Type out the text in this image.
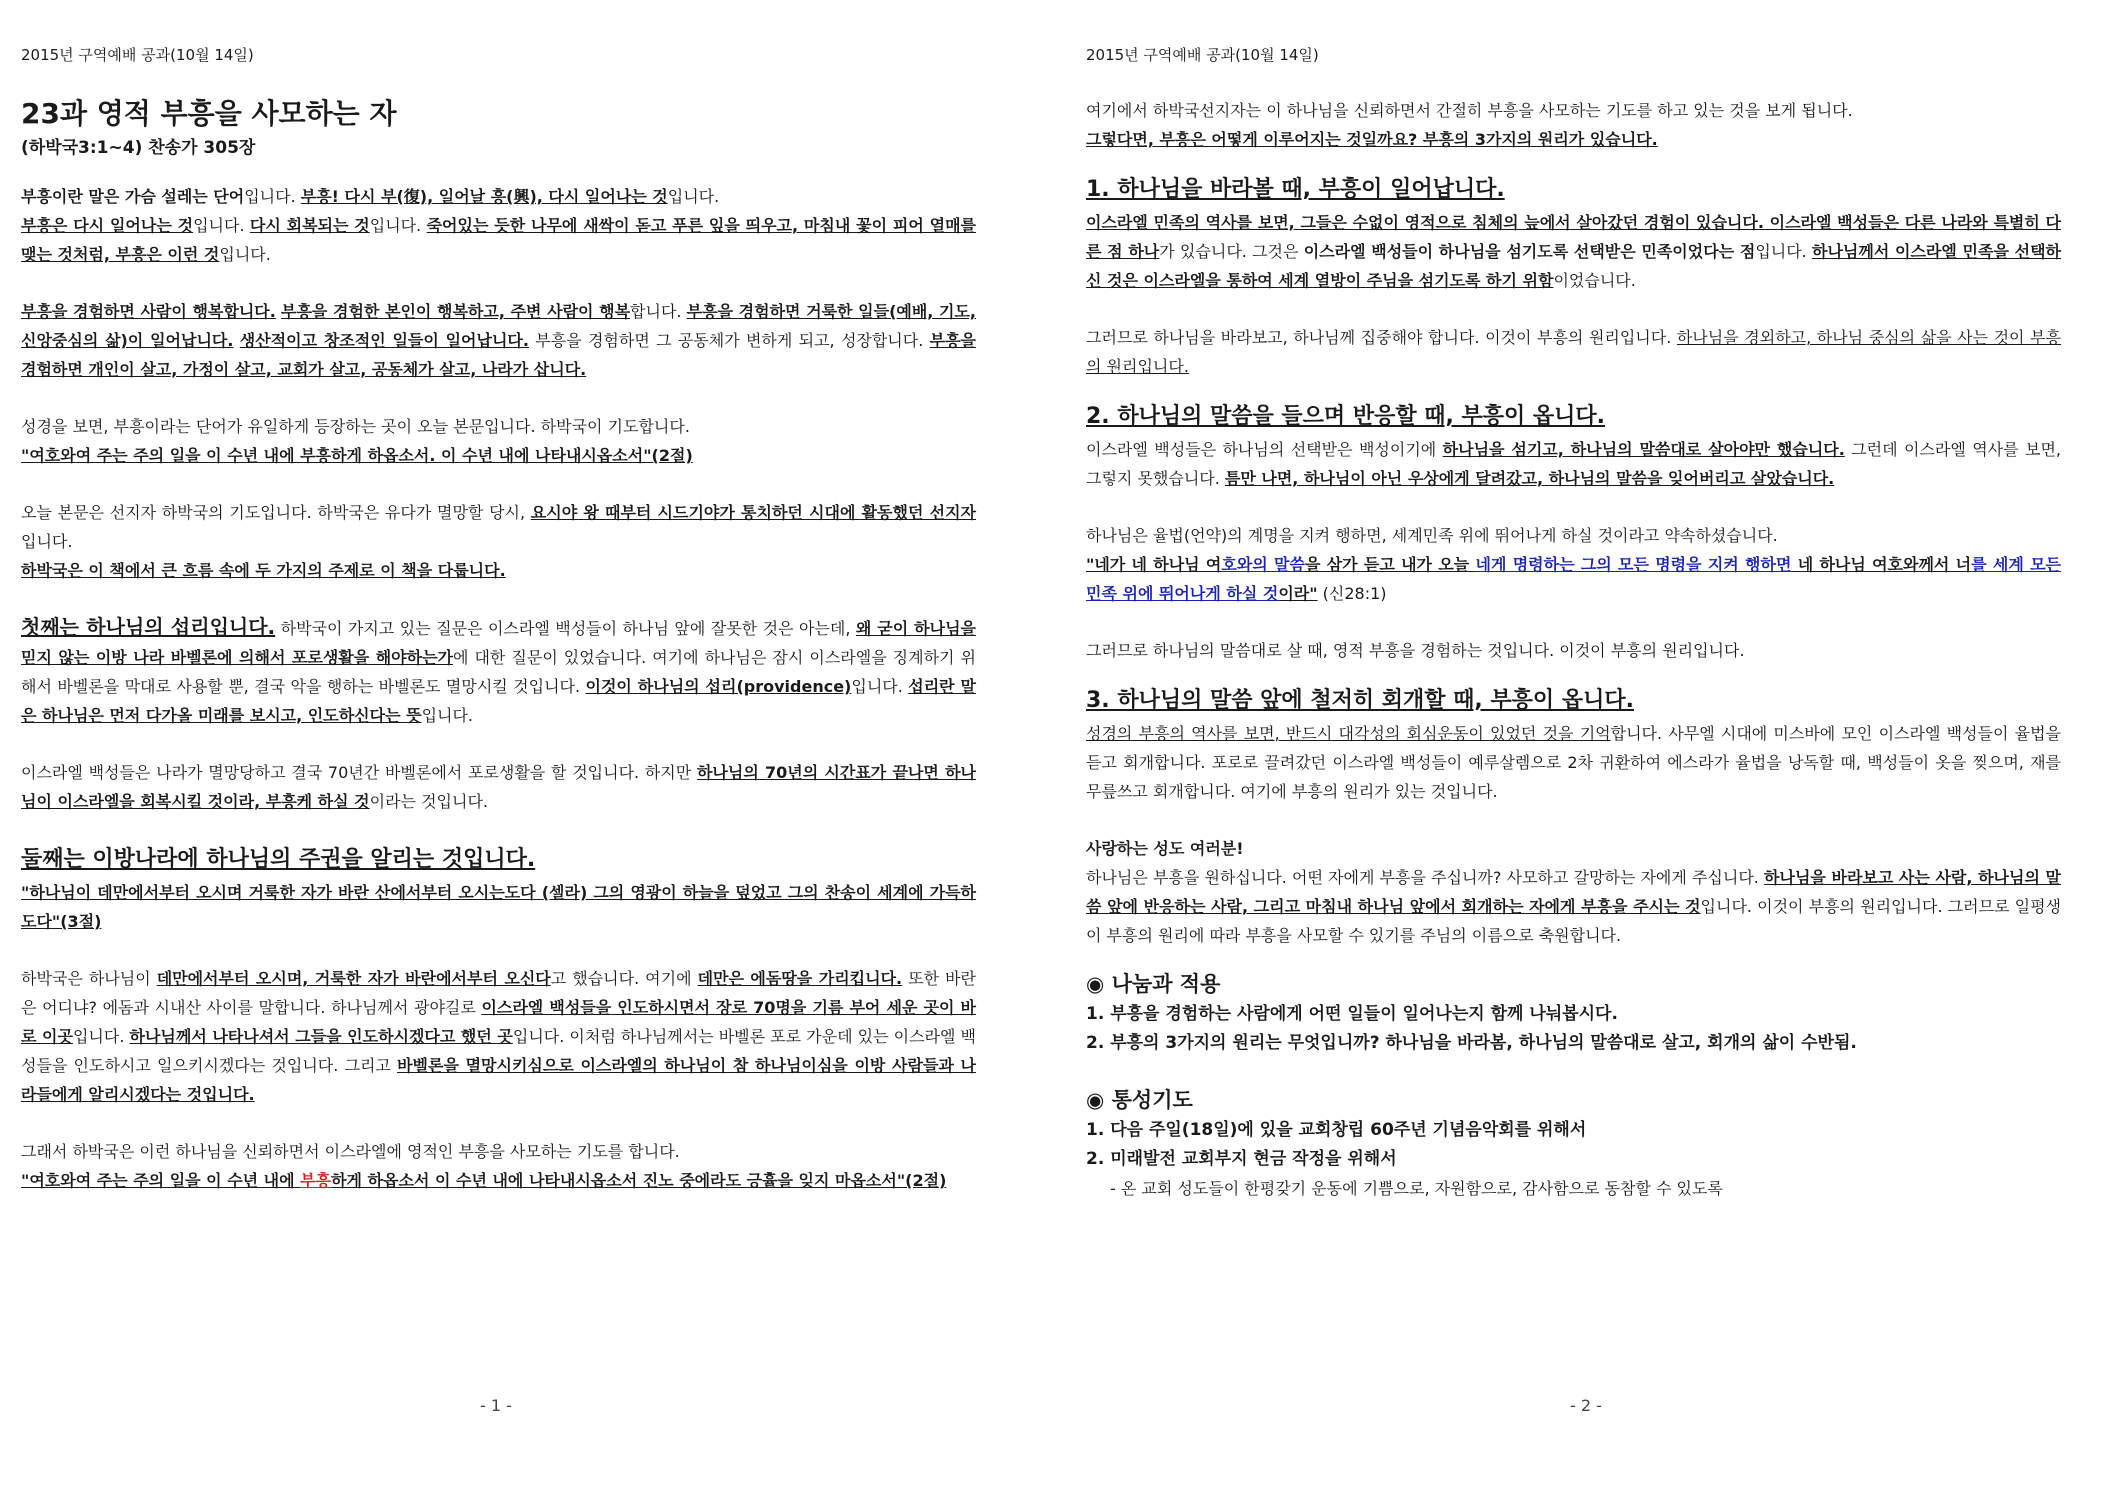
2015년 구역예배 공과(10월 14일)
23과 영적 부흥을 사모하는 자
(하박국3:1~4) 찬송가 305장

부흥이란 말은 가슴 설레는 단어입니다. 부흥! 다시 부(復), 일어날 흥(興), 다시 일어나는 것입니다.
부흥은 다시 일어나는 것입니다. 다시 회복되는 것입니다. 죽어있는 듯한 나무에 새싹이 돋고 푸른 잎을 띄우고, 마침내 꽃이 피어 열매를 맺는 것처럼, 부흥은 이런 것입니다.

부흥을 경험하면 사람이 행복합니다. 부흥을 경험한 본인이 행복하고, 주변 사람이 행복합니다. 부흥을 경험하면 거룩한 일들(예배, 기도, 신앙중심의 삶)이 일어납니다. 생산적이고 창조적인 일들이 일어납니다. 부흥을 경험하면 그 공동체가 변하게 되고, 성장합니다. 부흥을 경험하면 개인이 살고, 가정이 살고, 교회가 살고, 공동체가 살고, 나라가 삽니다.

성경을 보면, 부흥이라는 단어가 유일하게 등장하는 곳이 오늘 본문입니다. 하박국이 기도합니다.
"여호와여 주는 주의 일을 이 수년 내에 부흥하게 하옵소서. 이 수년 내에 나타내시옵소서"(2절)

오늘 본문은 선지자 하박국의 기도입니다. 하박국은 유다가 멸망할 당시, 요시야 왕 때부터 시드기야가 통치하던 시대에 활동했던 선지자입니다.
하박국은 이 책에서 큰 흐름 속에 두 가지의 주제로 이 책을 다룹니다.

첫째는 하나님의 섭리입니다. 하박국이 가지고 있는 질문은 이스라엘 백성들이 하나님 앞에 잘못한 것은 아는데, 왜 굳이 하나님을 믿지 않는 이방 나라 바벨론에 의해서 포로생활을 해야하는가에 대한 질문이 있었습니다. 여기에 하나님은 잠시 이스라엘을 징계하기 위해서 바벨론을 막대로 사용할 뿐, 결국 악을 행하는 바벨론도 멸망시킬 것입니다. 이것이 하나님의 섭리(providence)입니다. 섭리란 말은 하나님은 먼저 다가올 미래를 보시고, 인도하신다는 뜻입니다.

이스라엘 백성들은 나라가 멸망당하고 결국 70년간 바벨론에서 포로생활을 할 것입니다. 하지만 하나님의 70년의 시간표가 끝나면 하나님이 이스라엘을 회복시킬 것이라, 부흥케 하실 것이라는 것입니다.

둘째는 이방나라에 하나님의 주권을 알리는 것입니다.

"하나님이 데만에서부터 오시며 거룩한 자가 바란 산에서부터 오시는도다 (셀라) 그의 영광이 하늘을 덮었고 그의 찬송이 세계에 가득하도다"(3절)

하박국은 하나님이 데만에서부터 오시며, 거룩한 자가 바란에서부터 오신다고 했습니다. 여기에 데만은 에돔땅을 가리킵니다. 또한 바란은 어디냐? 에돔과 시내산 사이를 말합니다. 하나님께서 광야길로 이스라엘 백성들을 인도하시면서 장로 70명을 기름 부어 세운 곳이 바로 이곳입니다. 하나님께서 나타나셔서 그들을 인도하시겠다고 했던 곳입니다. 이처럼 하나님께서는 바벨론 포로 가운데 있는 이스라엘 백성들을 인도하시고 일으키시겠다는 것입니다. 그리고 바벨론을 멸망시키심으로 이스라엘의 하나님이 참 하나님이심을 이방 사람들과 나라들에게 알리시겠다는 것입니다.

그래서 하박국은 이런 하나님을 신뢰하면서 이스라엘에 영적인 부흥을 사모하는 기도를 합니다.
"여호와여 주는 주의 일을 이 수년 내에 부흥하게 하옵소서 이 수년 내에 나타내시옵소서 진노 중에라도 긍휼을 잊지 마옵소서"(2절)

- 1 -
2015년 구역예배 공과(10월 14일)

여기에서 하박국선지자는 이 하나님을 신뢰하면서 간절히 부흥을 사모하는 기도를 하고 있는 것을 보게 됩니다.
그렇다면, 부흥은 어떻게 이루어지는 것일까요? 부흥의 3가지의 원리가 있습니다.

1. 하나님을 바라볼 때, 부흥이 일어납니다.

이스라엘 민족의 역사를 보면, 그들은 수없이 영적으로 침체의 늪에서 살아갔던 경험이 있습니다. 이스라엘 백성들은 다른 나라와 특별히 다른 점 하나가 있습니다. 그것은 이스라엘 백성들이 하나님을 섬기도록 선택받은 민족이었다는 점입니다. 하나님께서 이스라엘 민족을 선택하신 것은 이스라엘을 통하여 세계 열방이 주님을 섬기도록 하기 위함이었습니다.

그러므로 하나님을 바라보고, 하나님께 집중해야 합니다. 이것이 부흥의 원리입니다. 하나님을 경외하고, 하나님 중심의 삶을 사는 것이 부흥의 원리입니다.

2. 하나님의 말씀을 들으며 반응할 때, 부흥이 옵니다.

이스라엘 백성들은 하나님의 선택받은 백성이기에 하나님을 섬기고, 하나님의 말씀대로 살아야만 했습니다. 그런데 이스라엘 역사를 보면, 그렇지 못했습니다. 틈만 나면, 하나님이 아닌 우상에게 달려갔고, 하나님의 말씀을 잊어버리고 살았습니다.

하나님은 율법(언약)의 계명을 지켜 행하면, 세계민족 위에 뛰어나게 하실 것이라고 약속하셨습니다.
"네가 네 하나님 여호와의 말씀을 삼가 듣고 내가 오늘 네게 명령하는 그의 모든 명령을 지켜 행하면 네 하나님 여호와께서 너를 세계 모든 민족 위에 뛰어나게 하실 것이라" (신28:1)

그러므로 하나님의 말씀대로 살 때, 영적 부흥을 경험하는 것입니다. 이것이 부흥의 원리입니다.

3. 하나님의 말씀 앞에 철저히 회개할 때, 부흥이 옵니다.

성경의 부흥의 역사를 보면, 반드시 대각성의 회심운동이 있었던 것을 기억합니다. 사무엘 시대에 미스바에 모인 이스라엘 백성들이 율법을 듣고 회개합니다. 포로로 끌려갔던 이스라엘 백성들이 예루살렘으로 2차 귀환하여 에스라가 율법을 낭독할 때, 백성들이 옷을 찢으며, 재를 무릎쓰고 회개합니다. 여기에 부흥의 원리가 있는 것입니다.

사랑하는 성도 여러분!
하나님은 부흥을 원하십니다. 어떤 자에게 부흥을 주십니까? 사모하고 갈망하는 자에게 주십니다. 하나님을 바라보고 사는 사람, 하나님의 말씀 앞에 반응하는 사람, 그리고 마침내 하나님 앞에서 회개하는 자에게 부흥을 주시는 것입니다. 이것이 부흥의 원리입니다. 그러므로 일평생 이 부흥의 원리에 따라 부흥을 사모할 수 있기를 주님의 이름으로 축원합니다.

◉ 나눔과 적용
1. 부흥을 경험하는 사람에게 어떤 일들이 일어나는지 함께 나눠봅시다.
2. 부흥의 3가지의 원리는 무엇입니까? 하나님을 바라봄, 하나님의 말씀대로 살고, 회개의 삶이 수반됨.
◉ 통성기도
1. 다음 주일(18일)에 있을 교회창립 60주년 기념음악회를 위해서
2. 미래발전 교회부지 현금 작정을 위해서
- 온 교회 성도들이 한평갖기 운동에 기쁨으로, 자원함으로, 감사함으로 동참할 수 있도록
- 2 -
